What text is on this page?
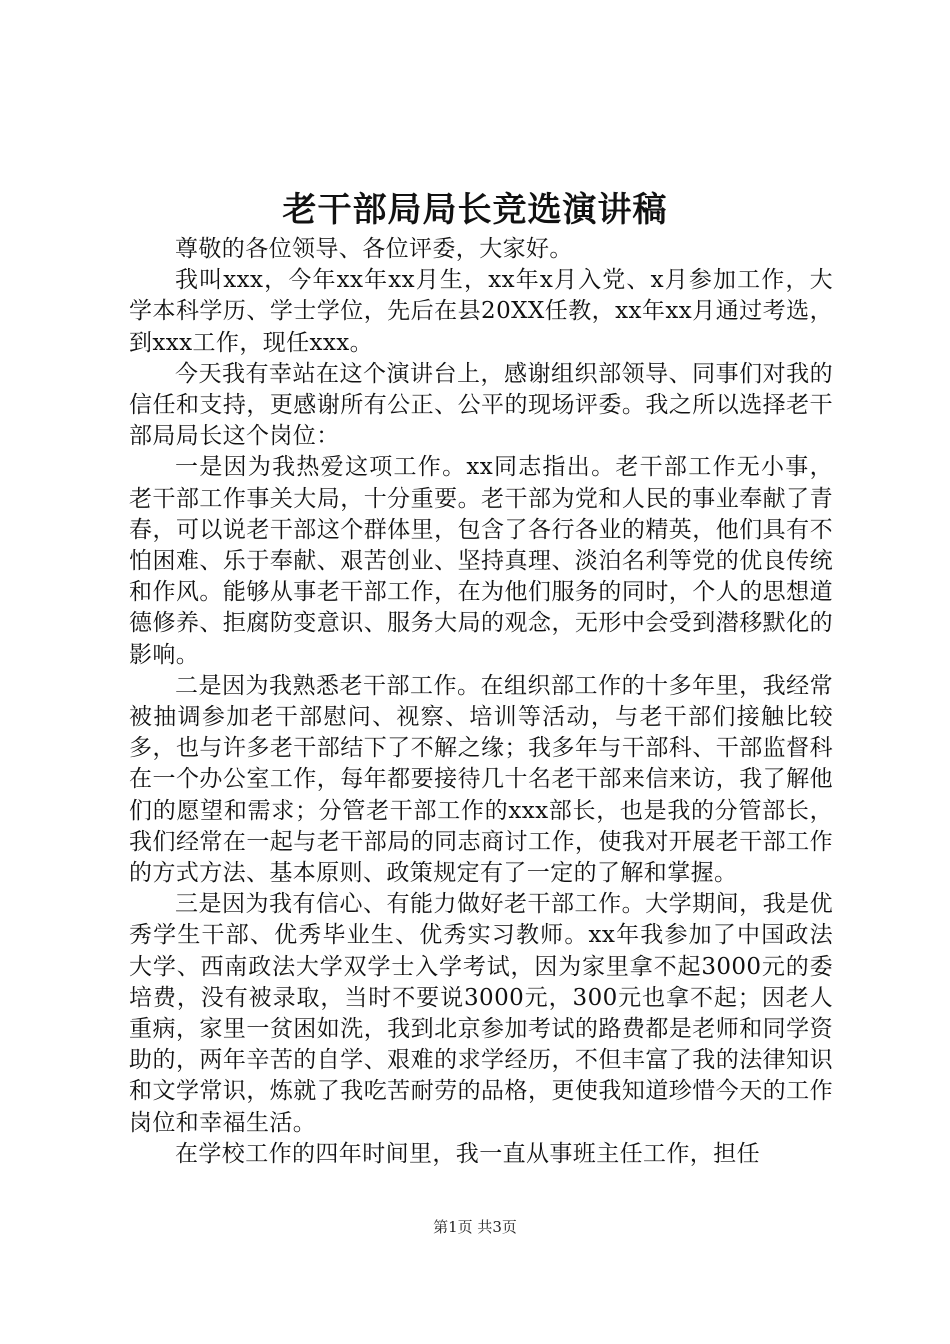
老干部局局长竞选演讲稿

尊敬的各位领导、各位评委，大家好。

我叫xxx，今年xx年xx月生，xx年x月入党、x月参加工作，大学本科学历、学士学位，先后在县20XX任教，xx年xx月通过考选，到xxx工作，现任xxx。

今天我有幸站在这个演讲台上，感谢组织部领导、同事们对我的信任和支持，更感谢所有公正、公平的现场评委。我之所以选择老干部局局长这个岗位：

一是因为我热爱这项工作。xx同志指出。老干部工作无小事，老干部工作事关大局，十分重要。老干部为党和人民的事业奉献了青春，可以说老干部这个群体里，包含了各行各业的精英，他们具有不怕困难、乐于奉献、艰苦创业、坚持真理、淡泊名利等党的优良传统和作风。能够从事老干部工作，在为他们服务的同时，个人的思想道德修养、拒腐防变意识、服务大局的观念，无形中会受到潜移默化的影响。

二是因为我熟悉老干部工作。在组织部工作的十多年里，我经常被抽调参加老干部慰问、视察、培训等活动，与老干部们接触比较多，也与许多老干部结下了不解之缘；我多年与干部科、干部监督科在一个办公室工作，每年都要接待几十名老干部来信来访，我了解他们的愿望和需求；分管老干部工作的xxx部长，也是我的分管部长，我们经常在一起与老干部局的同志商讨工作，使我对开展老干部工作的方式方法、基本原则、政策规定有了一定的了解和掌握。

三是因为我有信心、有能力做好老干部工作。大学期间，我是优秀学生干部、优秀毕业生、优秀实习教师。xx年我参加了中国政法大学、西南政法大学双学士入学考试，因为家里拿不起3000元的委培费，没有被录取，当时不要说3000元，300元也拿不起；因老人重病，家里一贫困如洗，我到北京参加考试的路费都是老师和同学资助的，两年辛苦的自学、艰难的求学经历，不但丰富了我的法律知识和文学常识，炼就了我吃苦耐劳的品格，更使我知道珍惜今天的工作岗位和幸福生活。

在学校工作的四年时间里，我一直从事班主任工作，担任

第1页 共3页
